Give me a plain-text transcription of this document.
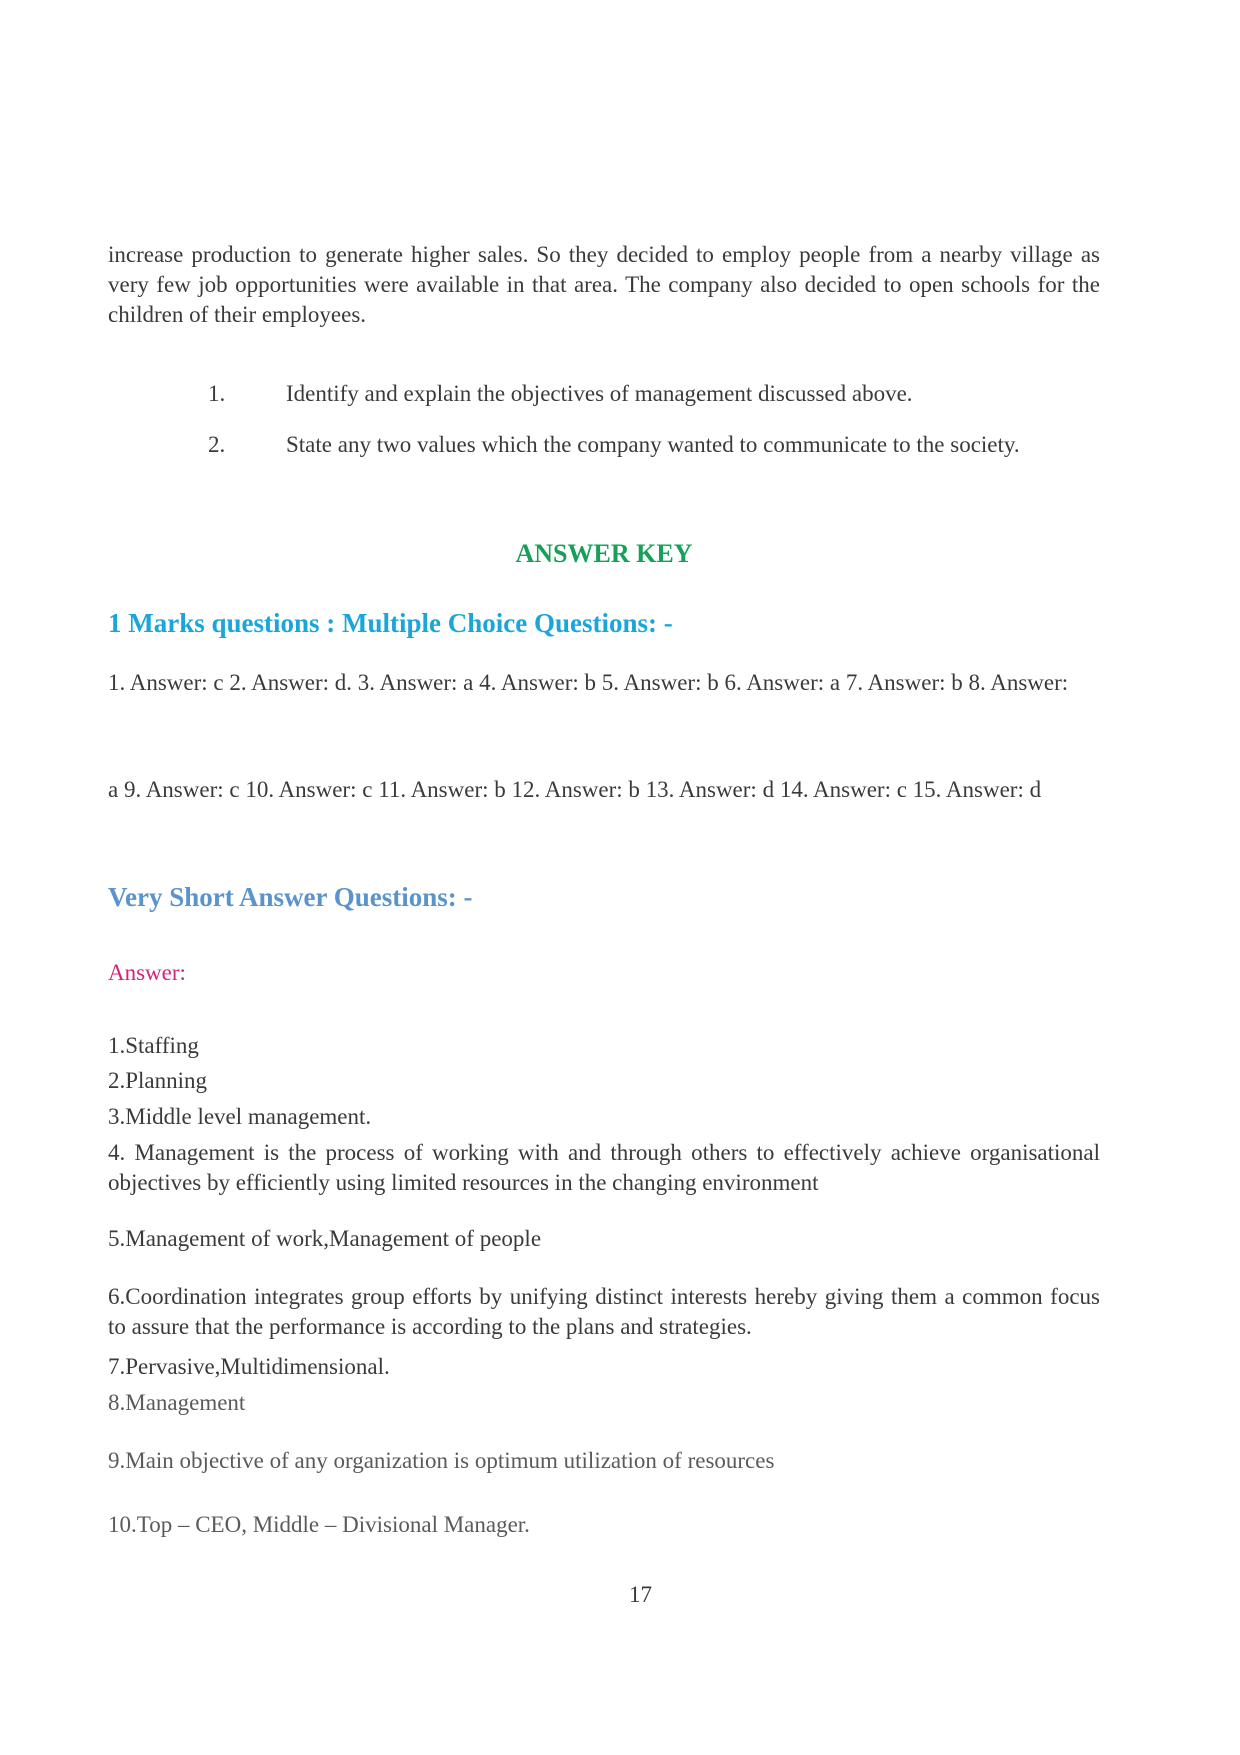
increase production to generate higher sales. So they decided to employ people from a nearby village as very few job opportunities were available in that area. The company also decided to open schools for the children of their employees.

1.	Identify and explain the objectives of management discussed above.
2.	State any two values which the company wanted to communicate to the society.
ANSWER KEY
1 Marks questions : Multiple Choice Questions: -

1. Answer: c 2. Answer: d. 3. Answer: a 4. Answer: b 5. Answer: b 6. Answer: a 7. Answer: b 8. Answer:

a 9. Answer: c 10. Answer: c 11. Answer: b 12. Answer: b 13. Answer: d 14. Answer: c 15. Answer: d

Very Short Answer Questions: -

Answer:

1.Staffing

2.Planning

3.Middle level management.

4. Management is the process of working with and through others to effectively achieve organisational objectives by efficiently using limited resources in the changing environment

5.Management of work,Management of people

6.Coordination integrates group efforts by unifying distinct interests hereby giving them a common focus to assure that the performance is according to the plans and strategies.

7.Pervasive,Multidimensional.

8.Management

9.Main objective of any organization is optimum utilization of resources

10.Top – CEO, Middle – Divisional Manager.

17
